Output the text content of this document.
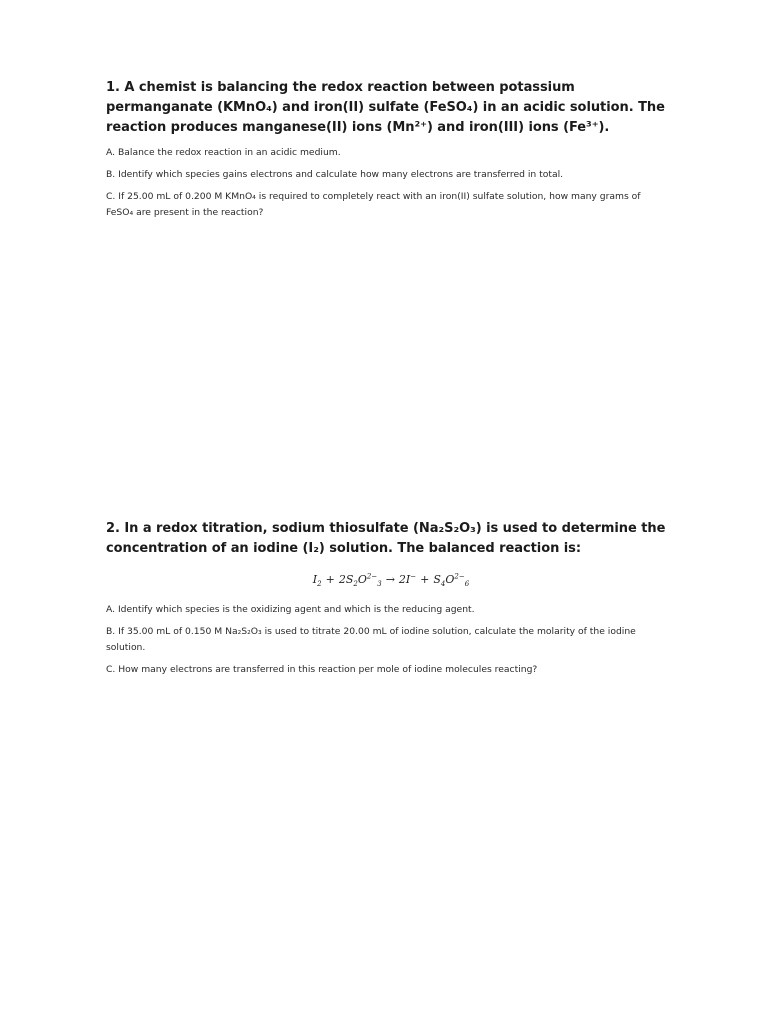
1. A chemist is balancing the redox reaction between potassium permanganate (KMnO₄) and iron(II) sulfate (FeSO₄) in an acidic solution. The reaction produces manganese(II) ions (Mn²⁺) and iron(III) ions (Fe³⁺).

A. Balance the redox reaction in an acidic medium.

B. Identify which species gains electrons and calculate how many electrons are transferred in total.

C. If 25.00 mL of 0.200 M KMnO₄ is required to completely react with an iron(II) sulfate solution, how many grams of FeSO₄ are present in the reaction?

2. In a redox titration, sodium thiosulfate (Na₂S₂O₃) is used to determine the concentration of an iodine (I₂) solution. The balanced reaction is:

$I_2 + 2S_2O^{2-}_3 \to 2I^- + S_4O^{2-}_6$

A. Identify which species is the oxidizing agent and which is the reducing agent.

B. If 35.00 mL of 0.150 M Na₂S₂O₃ is used to titrate 20.00 mL of iodine solution, calculate the molarity of the iodine solution.

C. How many electrons are transferred in this reaction per mole of iodine molecules reacting?
